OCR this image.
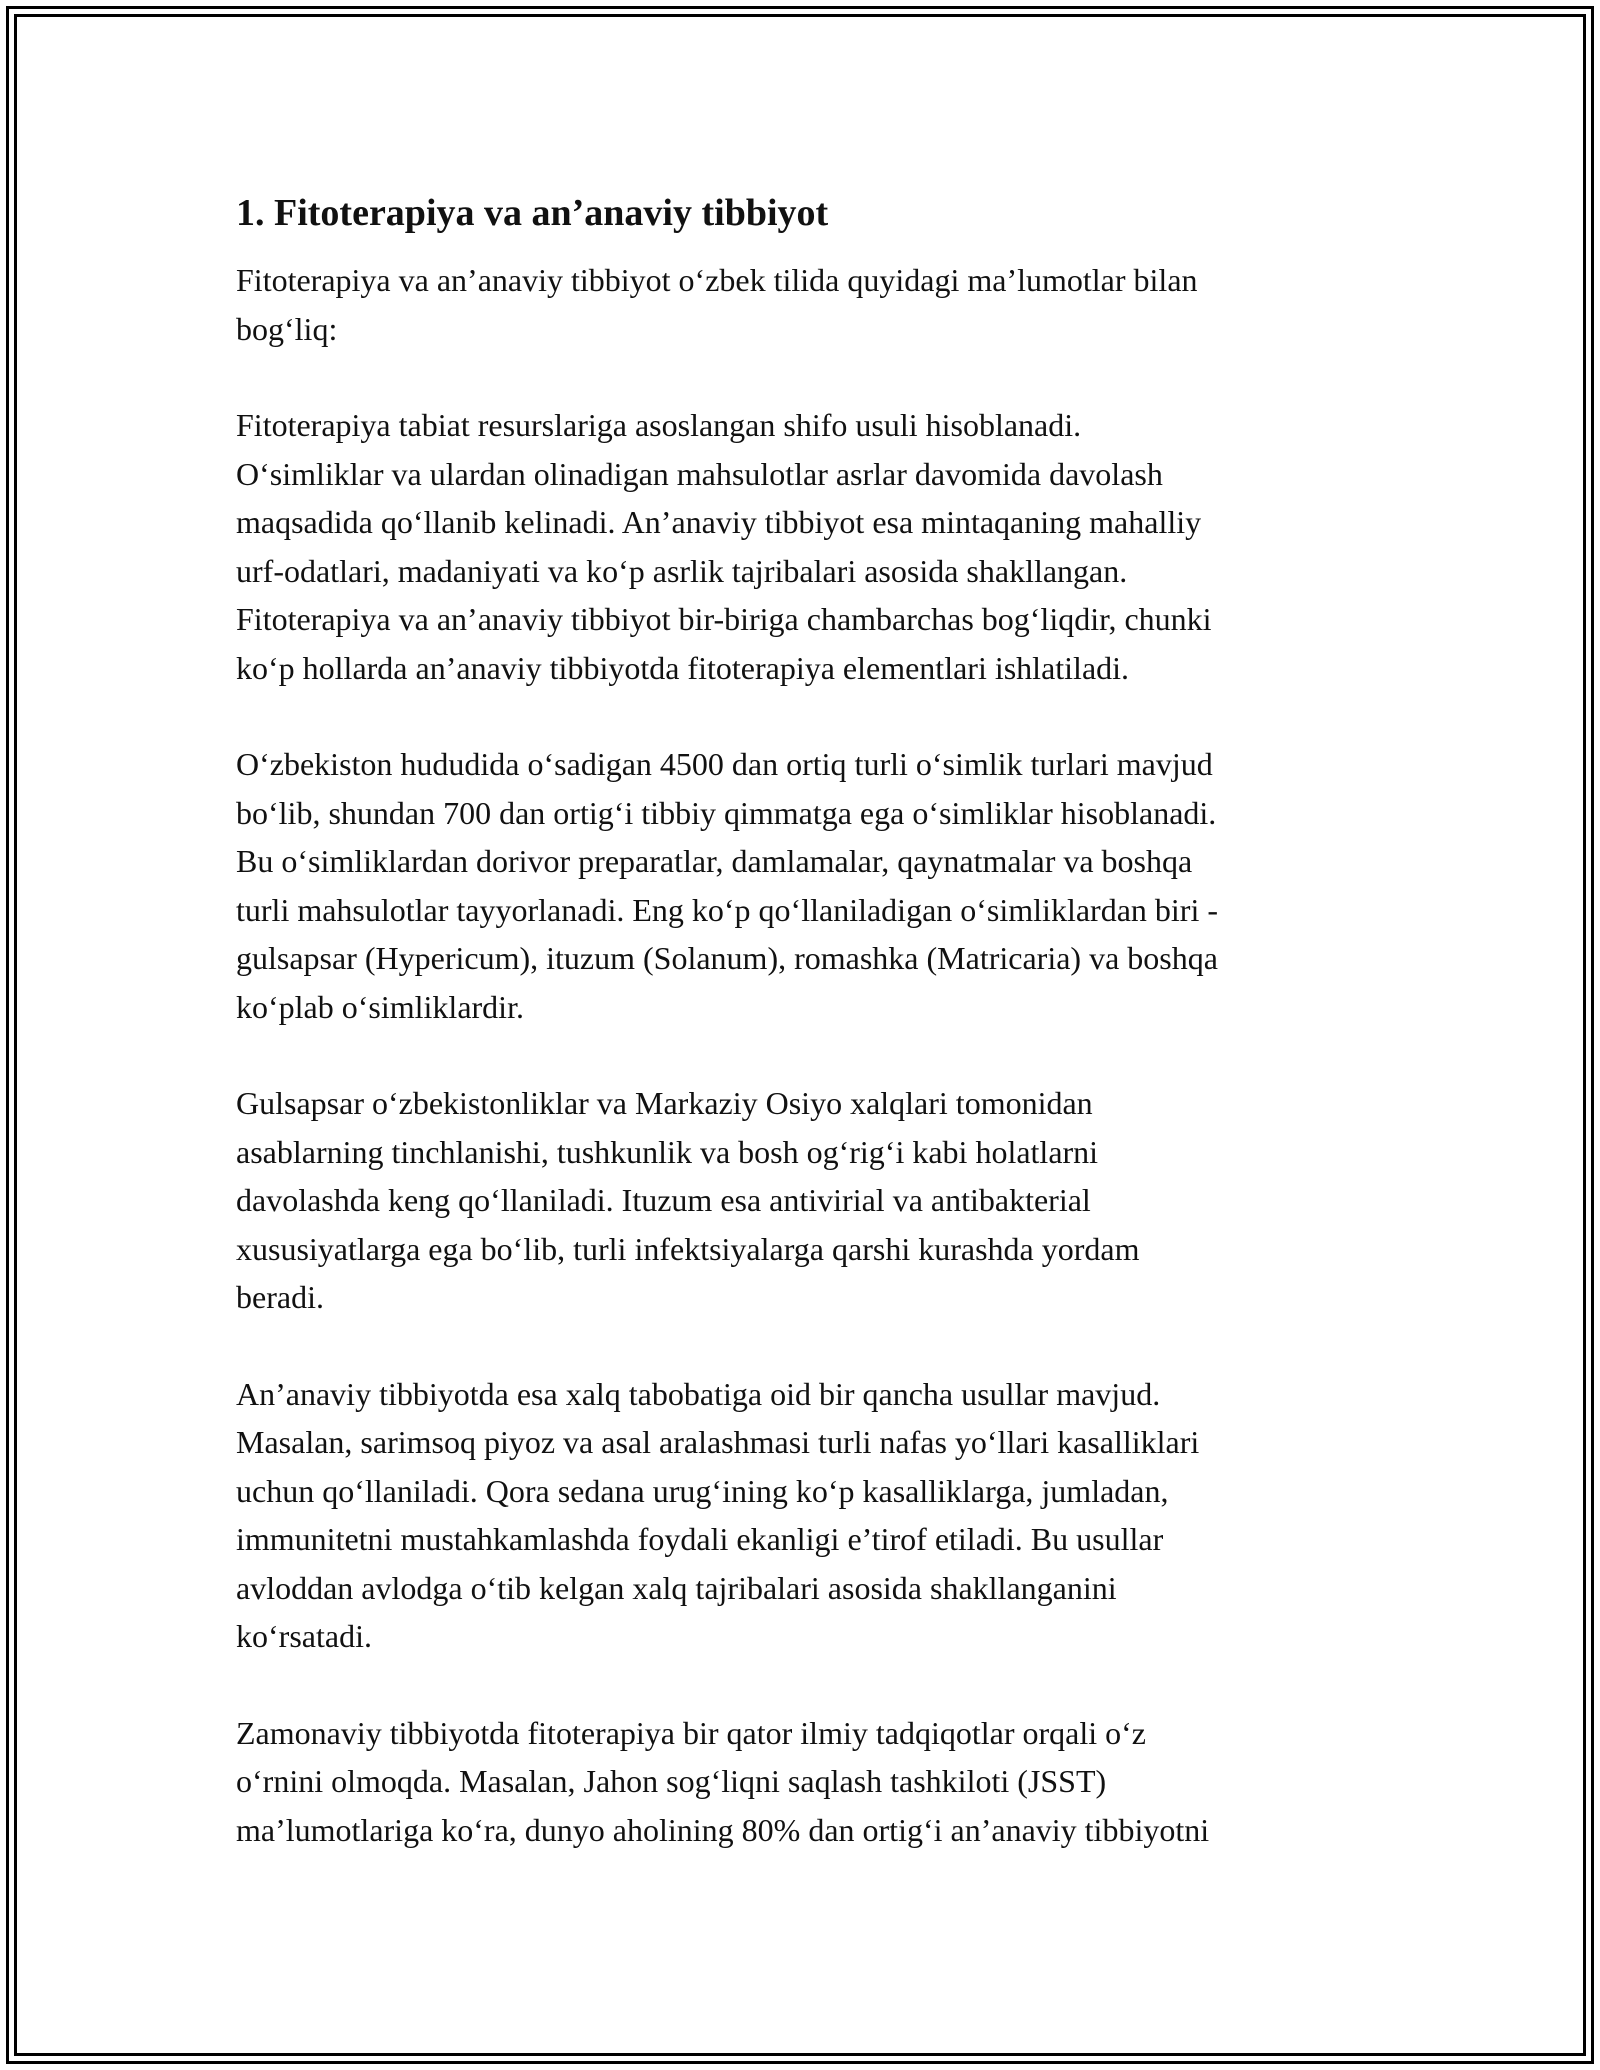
1. Fitoterapiya va an’anaviy tibbiyot

Fitoterapiya va an’anaviy tibbiyot o‘zbek tilida quyidagi ma’lumotlar bilan
bog‘liq:

Fitoterapiya tabiat resurslariga asoslangan shifo usuli hisoblanadi.
O‘simliklar va ulardan olinadigan mahsulotlar asrlar davomida davolash
maqsadida qo‘llanib kelinadi. An’anaviy tibbiyot esa mintaqaning mahalliy
urf-odatlari, madaniyati va ko‘p asrlik tajribalari asosida shakllangan.
Fitoterapiya va an’anaviy tibbiyot bir-biriga chambarchas bog‘liqdir, chunki
ko‘p hollarda an’anaviy tibbiyotda fitoterapiya elementlari ishlatiladi.

O‘zbekiston hududida o‘sadigan 4500 dan ortiq turli o‘simlik turlari mavjud
bo‘lib, shundan 700 dan ortig‘i tibbiy qimmatga ega o‘simliklar hisoblanadi.
Bu o‘simliklardan dorivor preparatlar, damlamalar, qaynatmalar va boshqa
turli mahsulotlar tayyorlanadi. Eng ko‘p qo‘llaniladigan o‘simliklardan biri -
gulsapsar (Hypericum), ituzum (Solanum), romashka (Matricaria) va boshqa
ko‘plab o‘simliklardir.

Gulsapsar o‘zbekistonliklar va Markaziy Osiyo xalqlari tomonidan
asablarning tinchlanishi, tushkunlik va bosh og‘rig‘i kabi holatlarni
davolashda keng qo‘llaniladi. Ituzum esa antivirial va antibakterial
xususiyatlarga ega bo‘lib, turli infektsiyalarga qarshi kurashda yordam
beradi.

An’anaviy tibbiyotda esa xalq tabobatiga oid bir qancha usullar mavjud.
Masalan, sarimsoq piyoz va asal aralashmasi turli nafas yo‘llari kasalliklari
uchun qo‘llaniladi. Qora sedana urug‘ining ko‘p kasalliklarga, jumladan,
immunitetni mustahkamlashda foydali ekanligi e’tirof etiladi. Bu usullar
avloddan avlodga o‘tib kelgan xalq tajribalari asosida shakllanganini
ko‘rsatadi.

Zamonaviy tibbiyotda fitoterapiya bir qator ilmiy tadqiqotlar orqali o‘z
o‘rnini olmoqda. Masalan, Jahon sog‘liqni saqlash tashkiloti (JSST)
ma’lumotlariga ko‘ra, dunyo aholining 80% dan ortig‘i an’anaviy tibbiyotni
